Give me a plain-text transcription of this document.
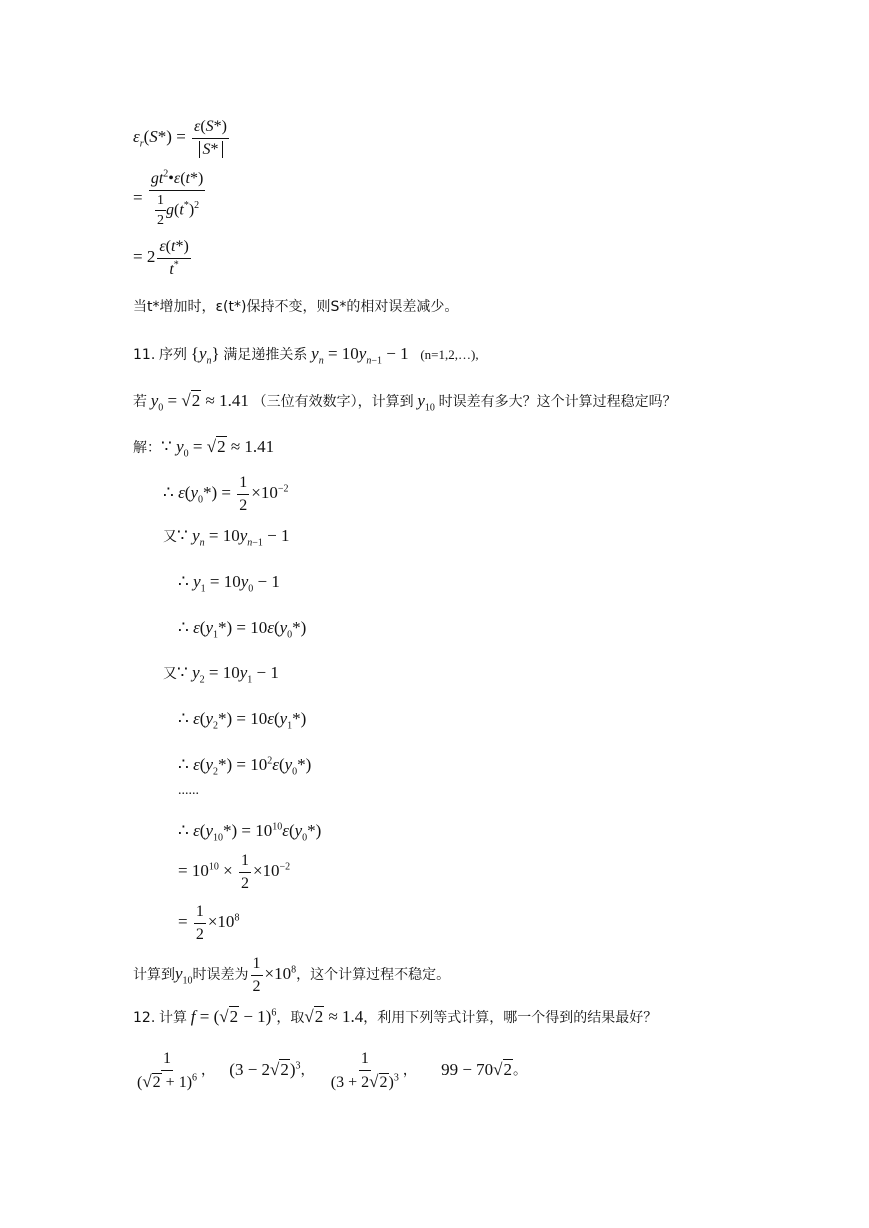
$\varepsilon_r(S*) = \frac{\varepsilon(S*)}{S*}$
= $\frac{gt^2•\varepsilon(t*)}{\frac{1}{2} g(t^*)^2}$
= $2 \frac{\varepsilon(t*)}{t^*}$
当t*增加时，ε(t*)保持不变，则S*的相对误差减少。
11. 序列 $\{y_n\}$ 满足递推关系 $y_n = 10y_{n-1} - 1$ (n=1,2,…),
若 $y_0 = √2 \approx 1.41$ （三位有效数字），计算到 $y_{10}$ 时误差有多大？这个计算过程稳定吗？
解：∵ $y_0 = √2 \approx 1.41$
∴ $\varepsilon(y_0*) = \frac{1}{2} \times 10^{-2}$
又∵ $y_n = 10y_{n-1} - 1$
∴ $y_1 = 10y_0 - 1$
∴ $\varepsilon(y_1*) = 10\varepsilon(y_0*)$
又∵ $y_2 = 10y_1 - 1$
∴ $\varepsilon(y_2*) = 10\varepsilon(y_1*)$
∴ $\varepsilon(y_2*) = 10^2\varepsilon(y_0*)$
......
∴ $\varepsilon(y_{10}*) = 10^{10}\varepsilon(y_0*)$
= $10^{10} \times \frac{1}{2} \times 10^{-2}$
= $\frac{1}{2} \times 10^8$
计算到$y_{10}$时误差为 $\frac{1}{2} \times 10^8$，这个计算过程不稳定。
12. 计算 $f = (√2 - 1)^6$，取√2 ≈ 1.4，利用下列等式计算，哪一个得到的结果最好？
$\frac{1}{(√2 + 1)^6}$ ， $(3 - 2√2)^3$， $\frac{1}{(3 + 2√2)^3}$ ， 99 − 70√2。
